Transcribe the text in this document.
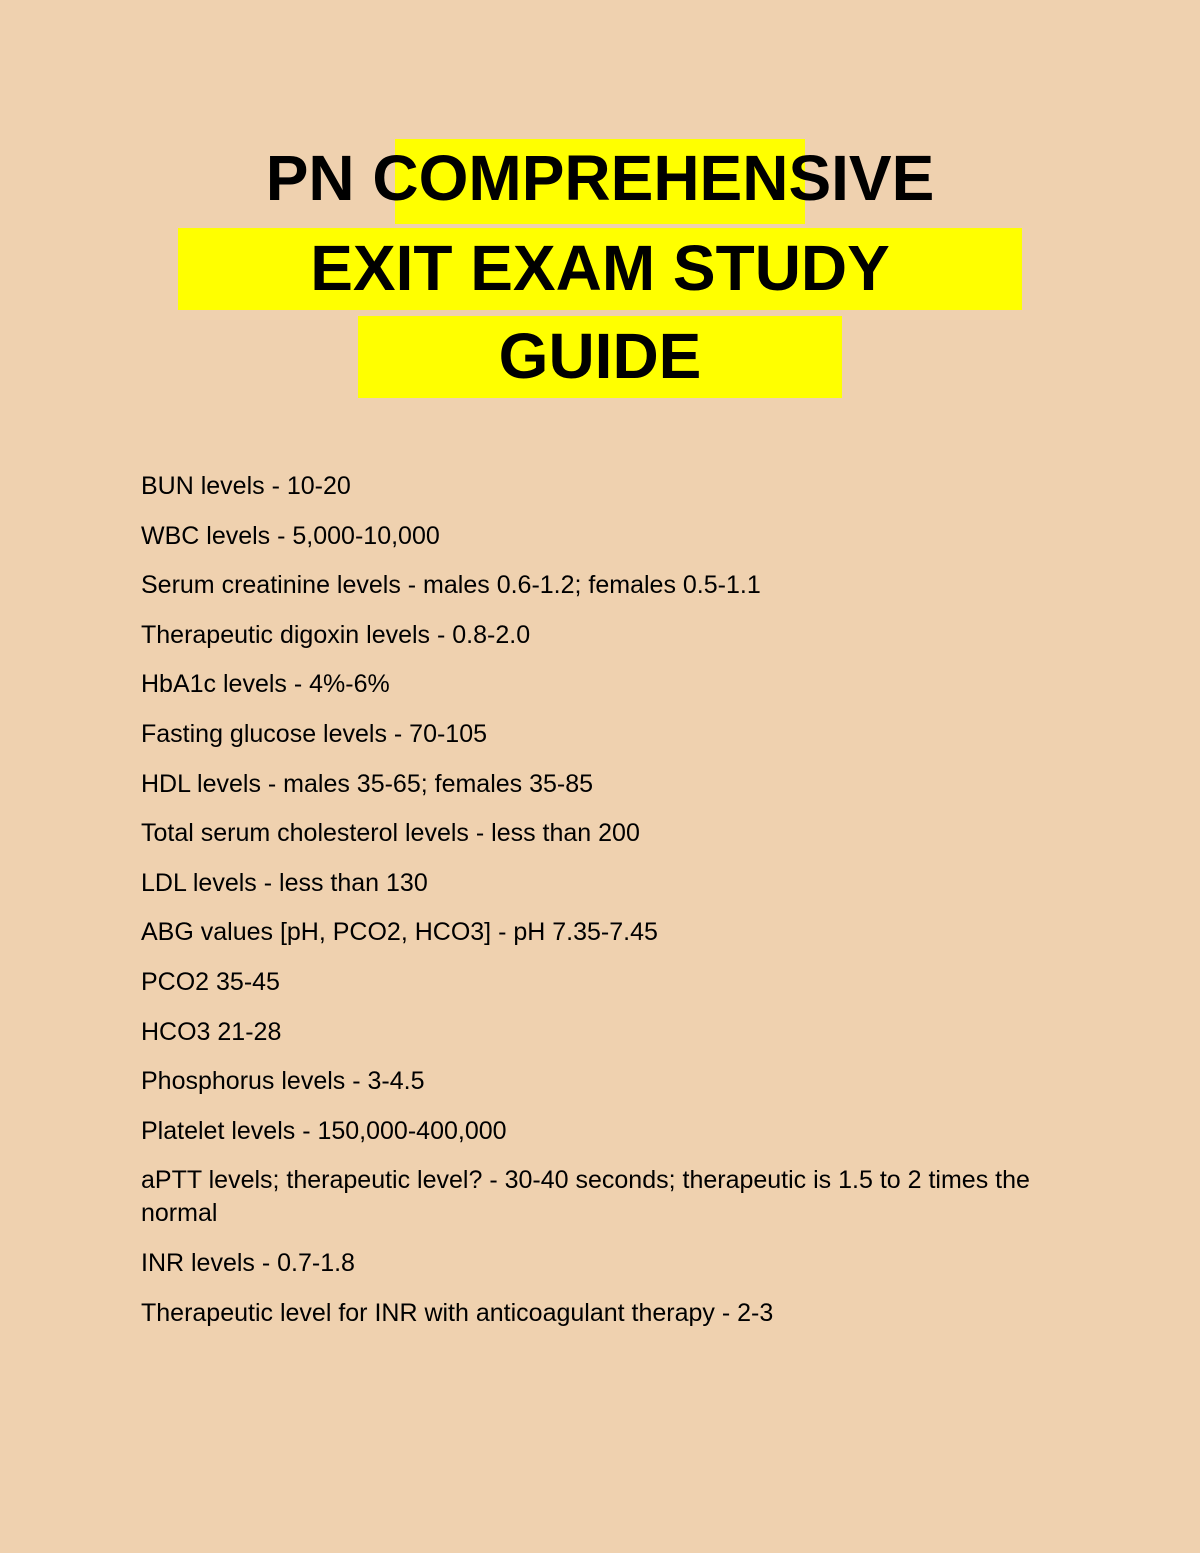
PN COMPREHENSIVE
EXIT EXAM STUDY
GUIDE
BUN levels - 10-20
WBC levels - 5,000-10,000
Serum creatinine levels - males 0.6-1.2; females 0.5-1.1
Therapeutic digoxin levels - 0.8-2.0
HbA1c levels - 4%-6%
Fasting glucose levels - 70-105
HDL levels - males 35-65; females 35-85
Total serum cholesterol levels - less than 200
LDL levels - less than 130
ABG values [pH, PCO2, HCO3] - pH 7.35-7.45
PCO2 35-45
HCO3 21-28
Phosphorus levels - 3-4.5
Platelet levels - 150,000-400,000
aPTT levels; therapeutic level? - 30-40 seconds; therapeutic is 1.5 to 2 times the normal
INR levels - 0.7-1.8
Therapeutic level for INR with anticoagulant therapy - 2-3
